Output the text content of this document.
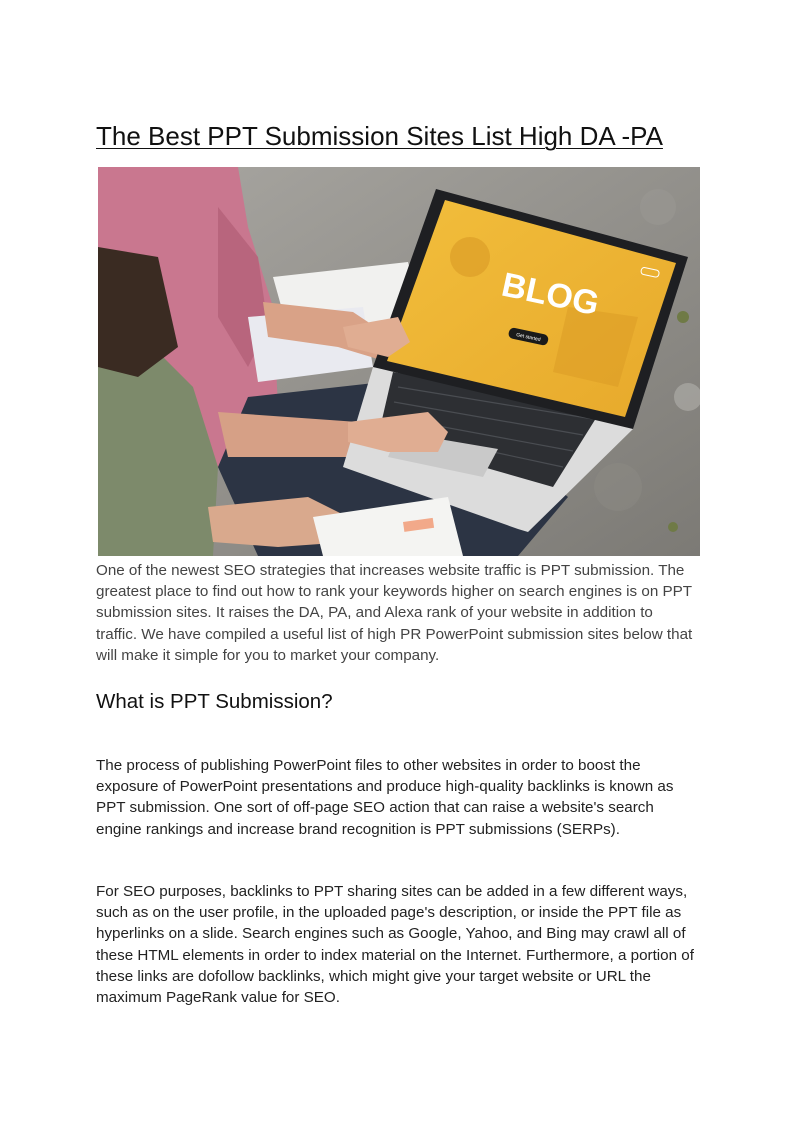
The Best PPT Submission Sites List High DA -PA
BLOG
Get started

One of the newest SEO strategies that increases website traffic is PPT submission. The greatest place to find out how to rank your keywords higher on search engines is on PPT submission sites. It raises the DA, PA, and Alexa rank of your website in addition to traffic. We have compiled a useful list of high PR PowerPoint submission sites below that will make it simple for you to market your company.

What is PPT Submission?

The process of publishing PowerPoint files to other websites in order to boost the exposure of PowerPoint presentations and produce high-quality backlinks is known as PPT submission. One sort of off-page SEO action that can raise a website's search engine rankings and increase brand recognition is PPT submissions (SERPs).

For SEO purposes, backlinks to PPT sharing sites can be added in a few different ways, such as on the user profile, in the uploaded page's description, or inside the PPT file as hyperlinks on a slide. Search engines such as Google, Yahoo, and Bing may crawl all of these HTML elements in order to index material on the Internet. Furthermore, a portion of these links are dofollow backlinks, which might give your target website or URL the maximum PageRank value for SEO.
